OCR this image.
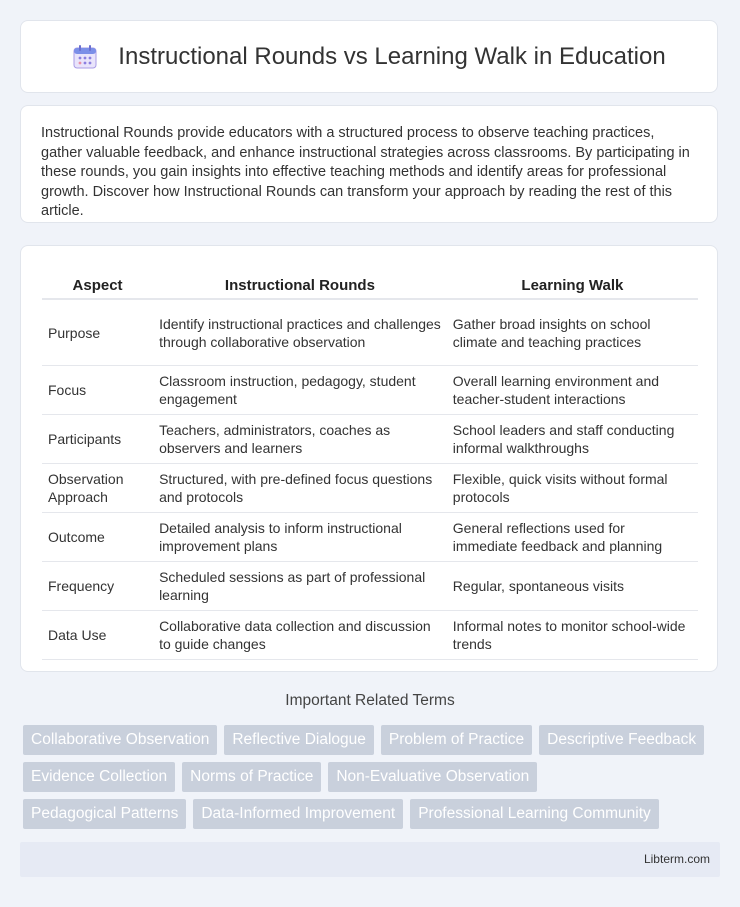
Instructional Rounds vs Learning Walk in Education

Instructional Rounds provide educators with a structured process to observe teaching practices, gather valuable feedback, and enhance instructional strategies across classrooms. By participating in these rounds, you gain insights into effective teaching methods and identify areas for professional growth. Discover how Instructional Rounds can transform your approach by reading the rest of this article.

Aspect	Instructional Rounds	Learning Walk
Purpose	Identify instructional practices and challenges through collaborative observation	Gather broad insights on school climate and teaching practices
Focus	Classroom instruction, pedagogy, student engagement	Overall learning environment and teacher-student interactions
Participants	Teachers, administrators, coaches as observers and learners	School leaders and staff conducting informal walkthroughs
Observation Approach	Structured, with pre-defined focus questions and protocols	Flexible, quick visits without formal protocols
Outcome	Detailed analysis to inform instructional improvement plans	General reflections used for immediate feedback and planning
Frequency	Scheduled sessions as part of professional learning	Regular, spontaneous visits
Data Use	Collaborative data collection and discussion to guide changes	Informal notes to monitor school-wide trends
Important Related Terms
Collaborative Observation	Reflective Dialogue	Problem of Practice	Descriptive Feedback
Evidence Collection	Norms of Practice	Non-Evaluative Observation
Pedagogical Patterns	Data-Informed Improvement	Professional Learning Community
Libterm.com
